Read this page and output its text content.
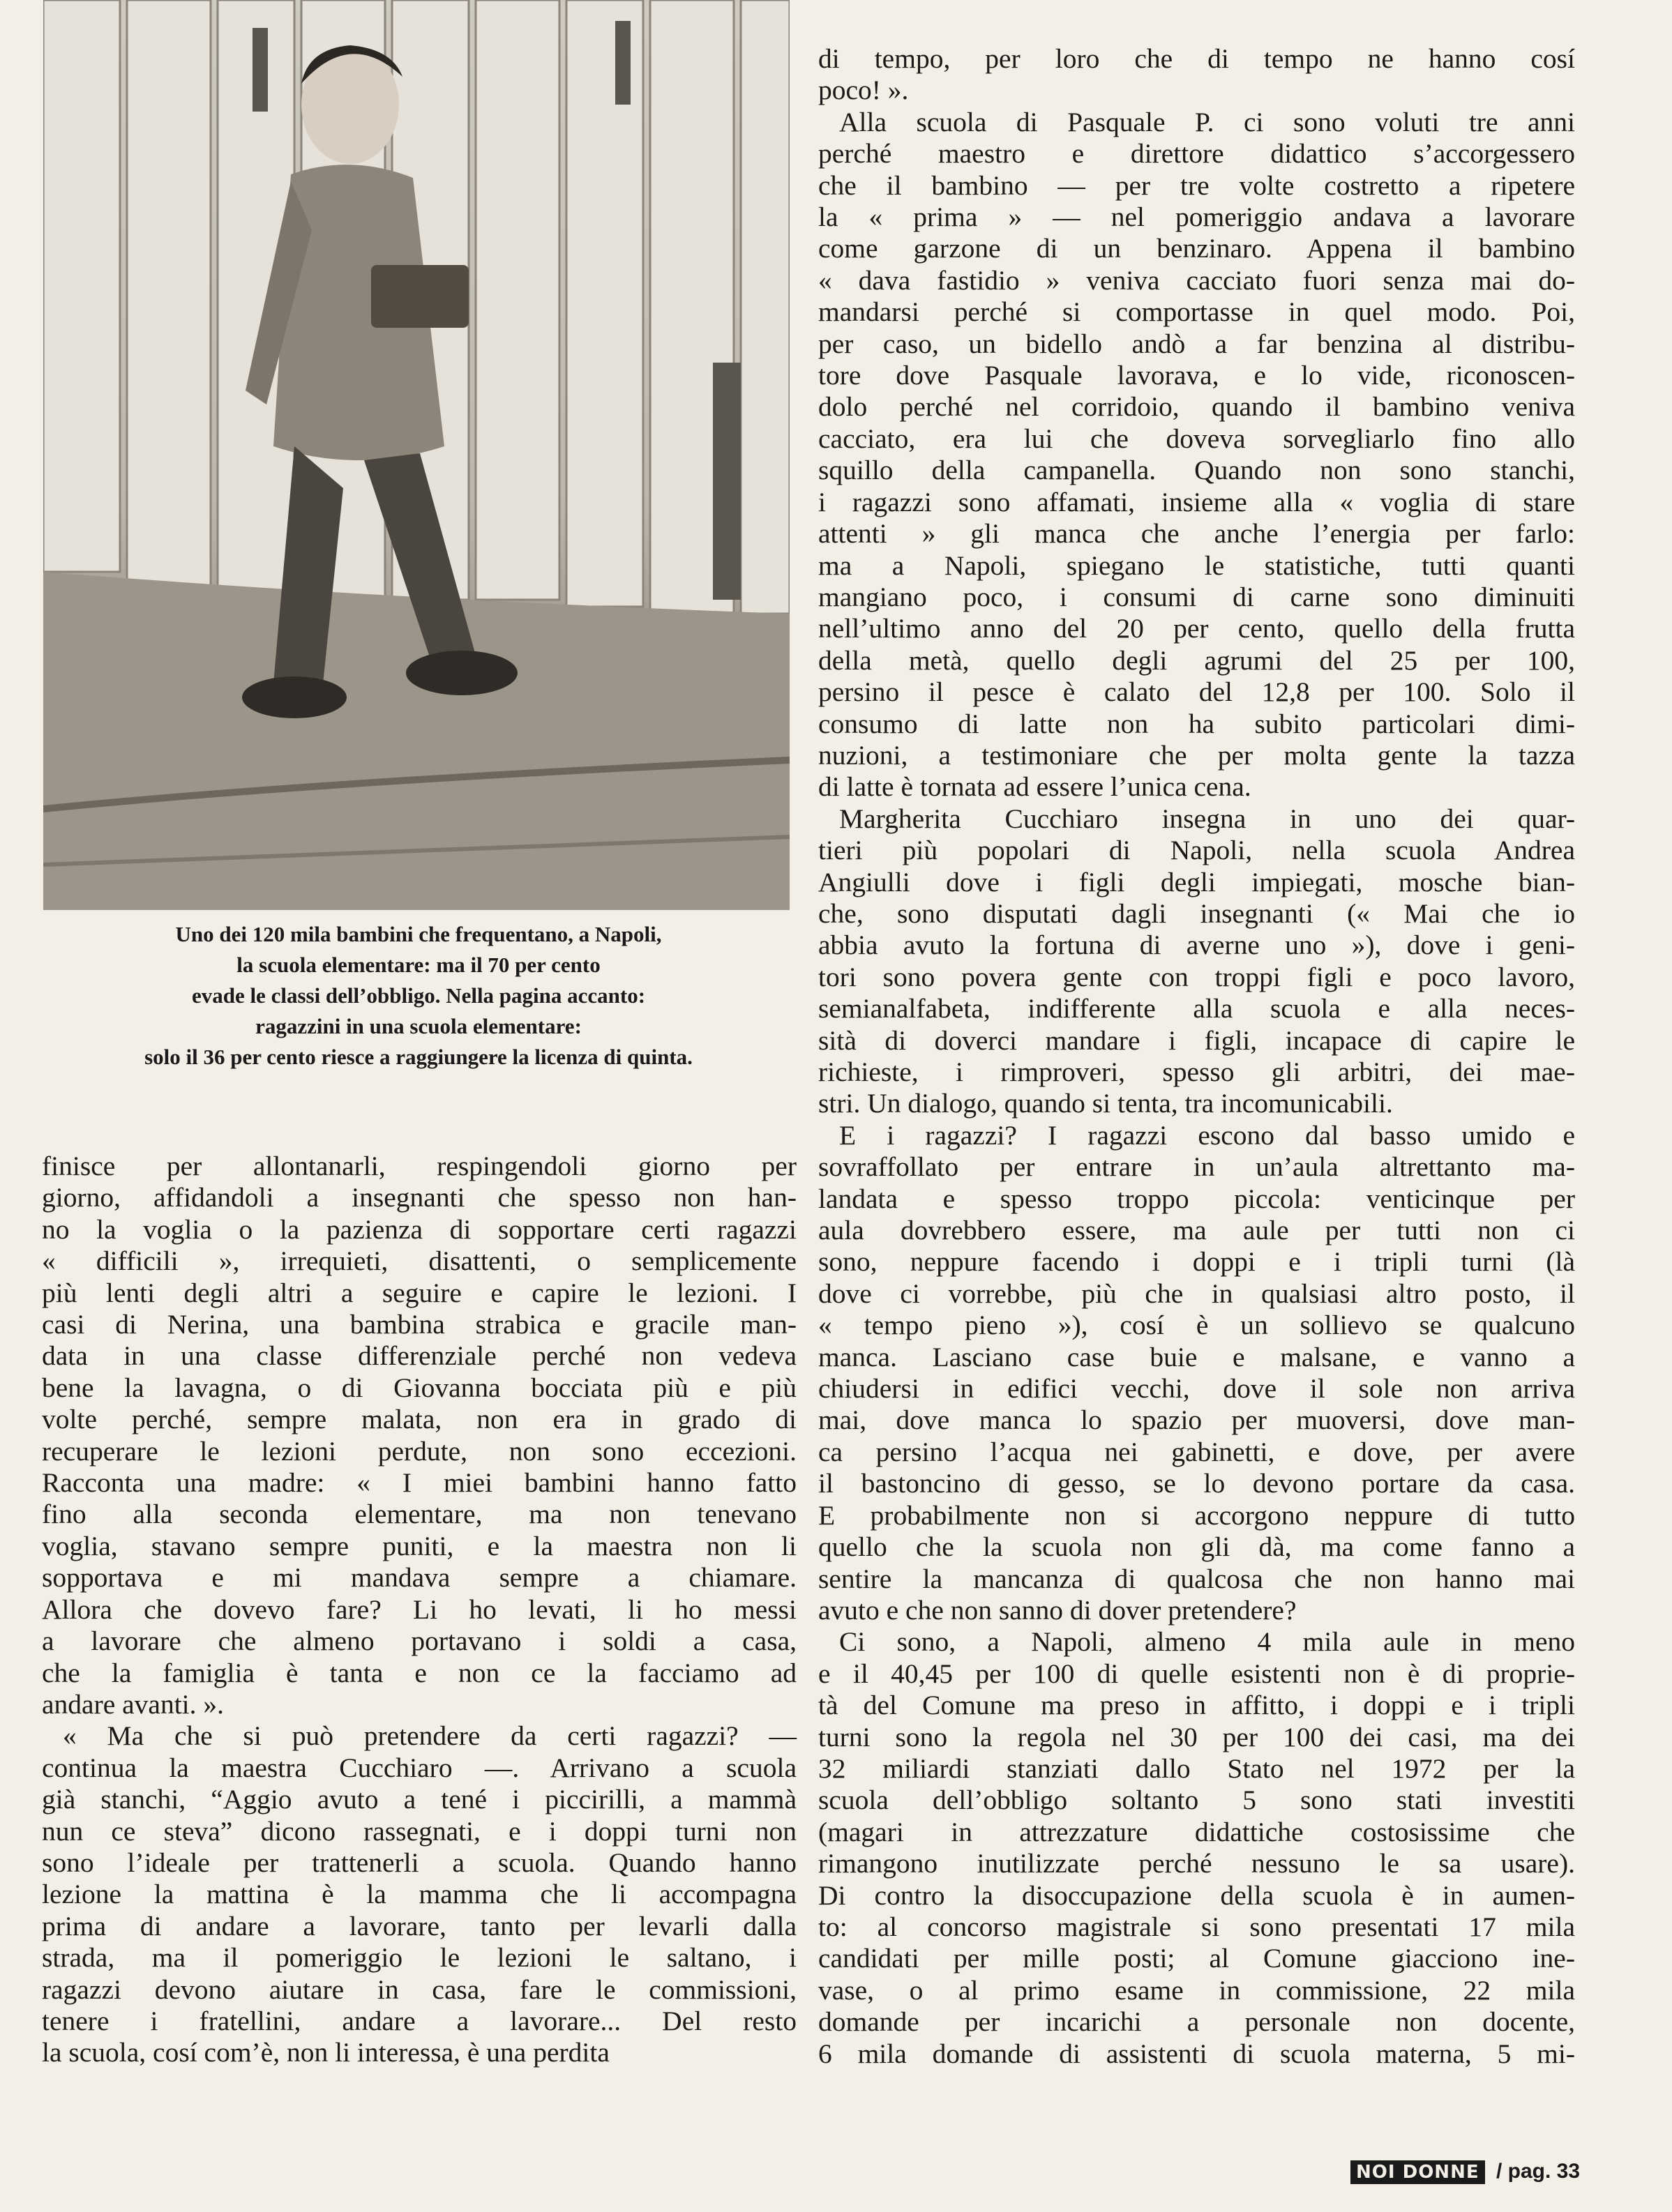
Uno dei 120 mila bambini che frequentano, a Napoli,
la scuola elementare: ma il 70 per cento
evade le classi dell’obbligo. Nella pagina accanto:
ragazzini in una scuola elementare:
solo il 36 per cento riesce a raggiungere la licenza di quinta.

finisce per allontanarli, respingendoli giorno per

giorno, affidandoli a insegnanti che spesso non han-

no la voglia o la pazienza di sopportare certi ragazzi

« difficili », irrequieti, disattenti, o semplicemente

più lenti degli altri a seguire e capire le lezioni. I

casi di Nerina, una bambina strabica e gracile man-

data in una classe differenziale perché non vedeva

bene la lavagna, o di Giovanna bocciata più e più

volte perché, sempre malata, non era in grado di

recuperare le lezioni perdute, non sono eccezioni.

Racconta una madre: « I miei bambini hanno fatto

fino alla seconda elementare, ma non tenevano

voglia, stavano sempre puniti, e la maestra non li

sopportava e mi mandava sempre a chiamare.

Allora che dovevo fare? Li ho levati, li ho messi

a lavorare che almeno portavano i soldi a casa,

che la famiglia è tanta e non ce la facciamo ad

andare avanti. ».

« Ma che si può pretendere da certi ragazzi? —

continua la maestra Cucchiaro —. Arrivano a scuola

già stanchi, “Aggio avuto a tené i piccirilli, a mammà

nun ce steva” dicono rassegnati, e i doppi turni non

sono l’ideale per trattenerli a scuola. Quando hanno

lezione la mattina è la mamma che li accompagna

prima di andare a lavorare, tanto per levarli dalla

strada, ma il pomeriggio le lezioni le saltano, i

ragazzi devono aiutare in casa, fare le commissioni,

tenere i fratellini, andare a lavorare... Del resto

la scuola, cosí com’è, non li interessa, è una perdita

di tempo, per loro che di tempo ne hanno cosí

poco! ».

Alla scuola di Pasquale P. ci sono voluti tre anni

perché maestro e direttore didattico s’accorgessero

che il bambino — per tre volte costretto a ripetere

la « prima » — nel pomeriggio andava a lavorare

come garzone di un benzinaro. Appena il bambino

« dava fastidio » veniva cacciato fuori senza mai do-

mandarsi perché si comportasse in quel modo. Poi,

per caso, un bidello andò a far benzina al distribu-

tore dove Pasquale lavorava, e lo vide, riconoscen-

dolo perché nel corridoio, quando il bambino veniva

cacciato, era lui che doveva sorvegliarlo fino allo

squillo della campanella. Quando non sono stanchi,

i ragazzi sono affamati, insieme alla « voglia di stare

attenti » gli manca che anche l’energia per farlo:

ma a Napoli, spiegano le statistiche, tutti quanti

mangiano poco, i consumi di carne sono diminuiti

nell’ultimo anno del 20 per cento, quello della frutta

della metà, quello degli agrumi del 25 per 100,

persino il pesce è calato del 12,8 per 100. Solo il

consumo di latte non ha subito particolari dimi-

nuzioni, a testimoniare che per molta gente la tazza

di latte è tornata ad essere l’unica cena.

Margherita Cucchiaro insegna in uno dei quar-

tieri più popolari di Napoli, nella scuola Andrea

Angiulli dove i figli degli impiegati, mosche bian-

che, sono disputati dagli insegnanti (« Mai che io

abbia avuto la fortuna di averne uno »), dove i geni-

tori sono povera gente con troppi figli e poco lavoro,

semianalfabeta, indifferente alla scuola e alla neces-

sità di doverci mandare i figli, incapace di capire le

richieste, i rimproveri, spesso gli arbitri, dei mae-

stri. Un dialogo, quando si tenta, tra incomunicabili.

E i ragazzi? I ragazzi escono dal basso umido e

sovraffollato per entrare in un’aula altrettanto ma-

landata e spesso troppo piccola: venticinque per

aula dovrebbero essere, ma aule per tutti non ci

sono, neppure facendo i doppi e i tripli turni (là

dove ci vorrebbe, più che in qualsiasi altro posto, il

« tempo pieno »), cosí è un sollievo se qualcuno

manca. Lasciano case buie e malsane, e vanno a

chiudersi in edifici vecchi, dove il sole non arriva

mai, dove manca lo spazio per muoversi, dove man-

ca persino l’acqua nei gabinetti, e dove, per avere

il bastoncino di gesso, se lo devono portare da casa.

E probabilmente non si accorgono neppure di tutto

quello che la scuola non gli dà, ma come fanno a

sentire la mancanza di qualcosa che non hanno mai

avuto e che non sanno di dover pretendere?

Ci sono, a Napoli, almeno 4 mila aule in meno

e il 40,45 per 100 di quelle esistenti non è di proprie-

tà del Comune ma preso in affitto, i doppi e i tripli

turni sono la regola nel 30 per 100 dei casi, ma dei

32 miliardi stanziati dallo Stato nel 1972 per la

scuola dell’obbligo soltanto 5 sono stati investiti

(magari in attrezzature didattiche costosissime che

rimangono inutilizzate perché nessuno le sa usare).

Di contro la disoccupazione della scuola è in aumen-

to: al concorso magistrale si sono presentati 17 mila

candidati per mille posti; al Comune giacciono ine-

vase, o al primo esame in commissione, 22 mila

domande per incarichi a personale non docente,

6 mila domande di assistenti di scuola materna, 5 mi-

NOI DONNE / pag. 33
